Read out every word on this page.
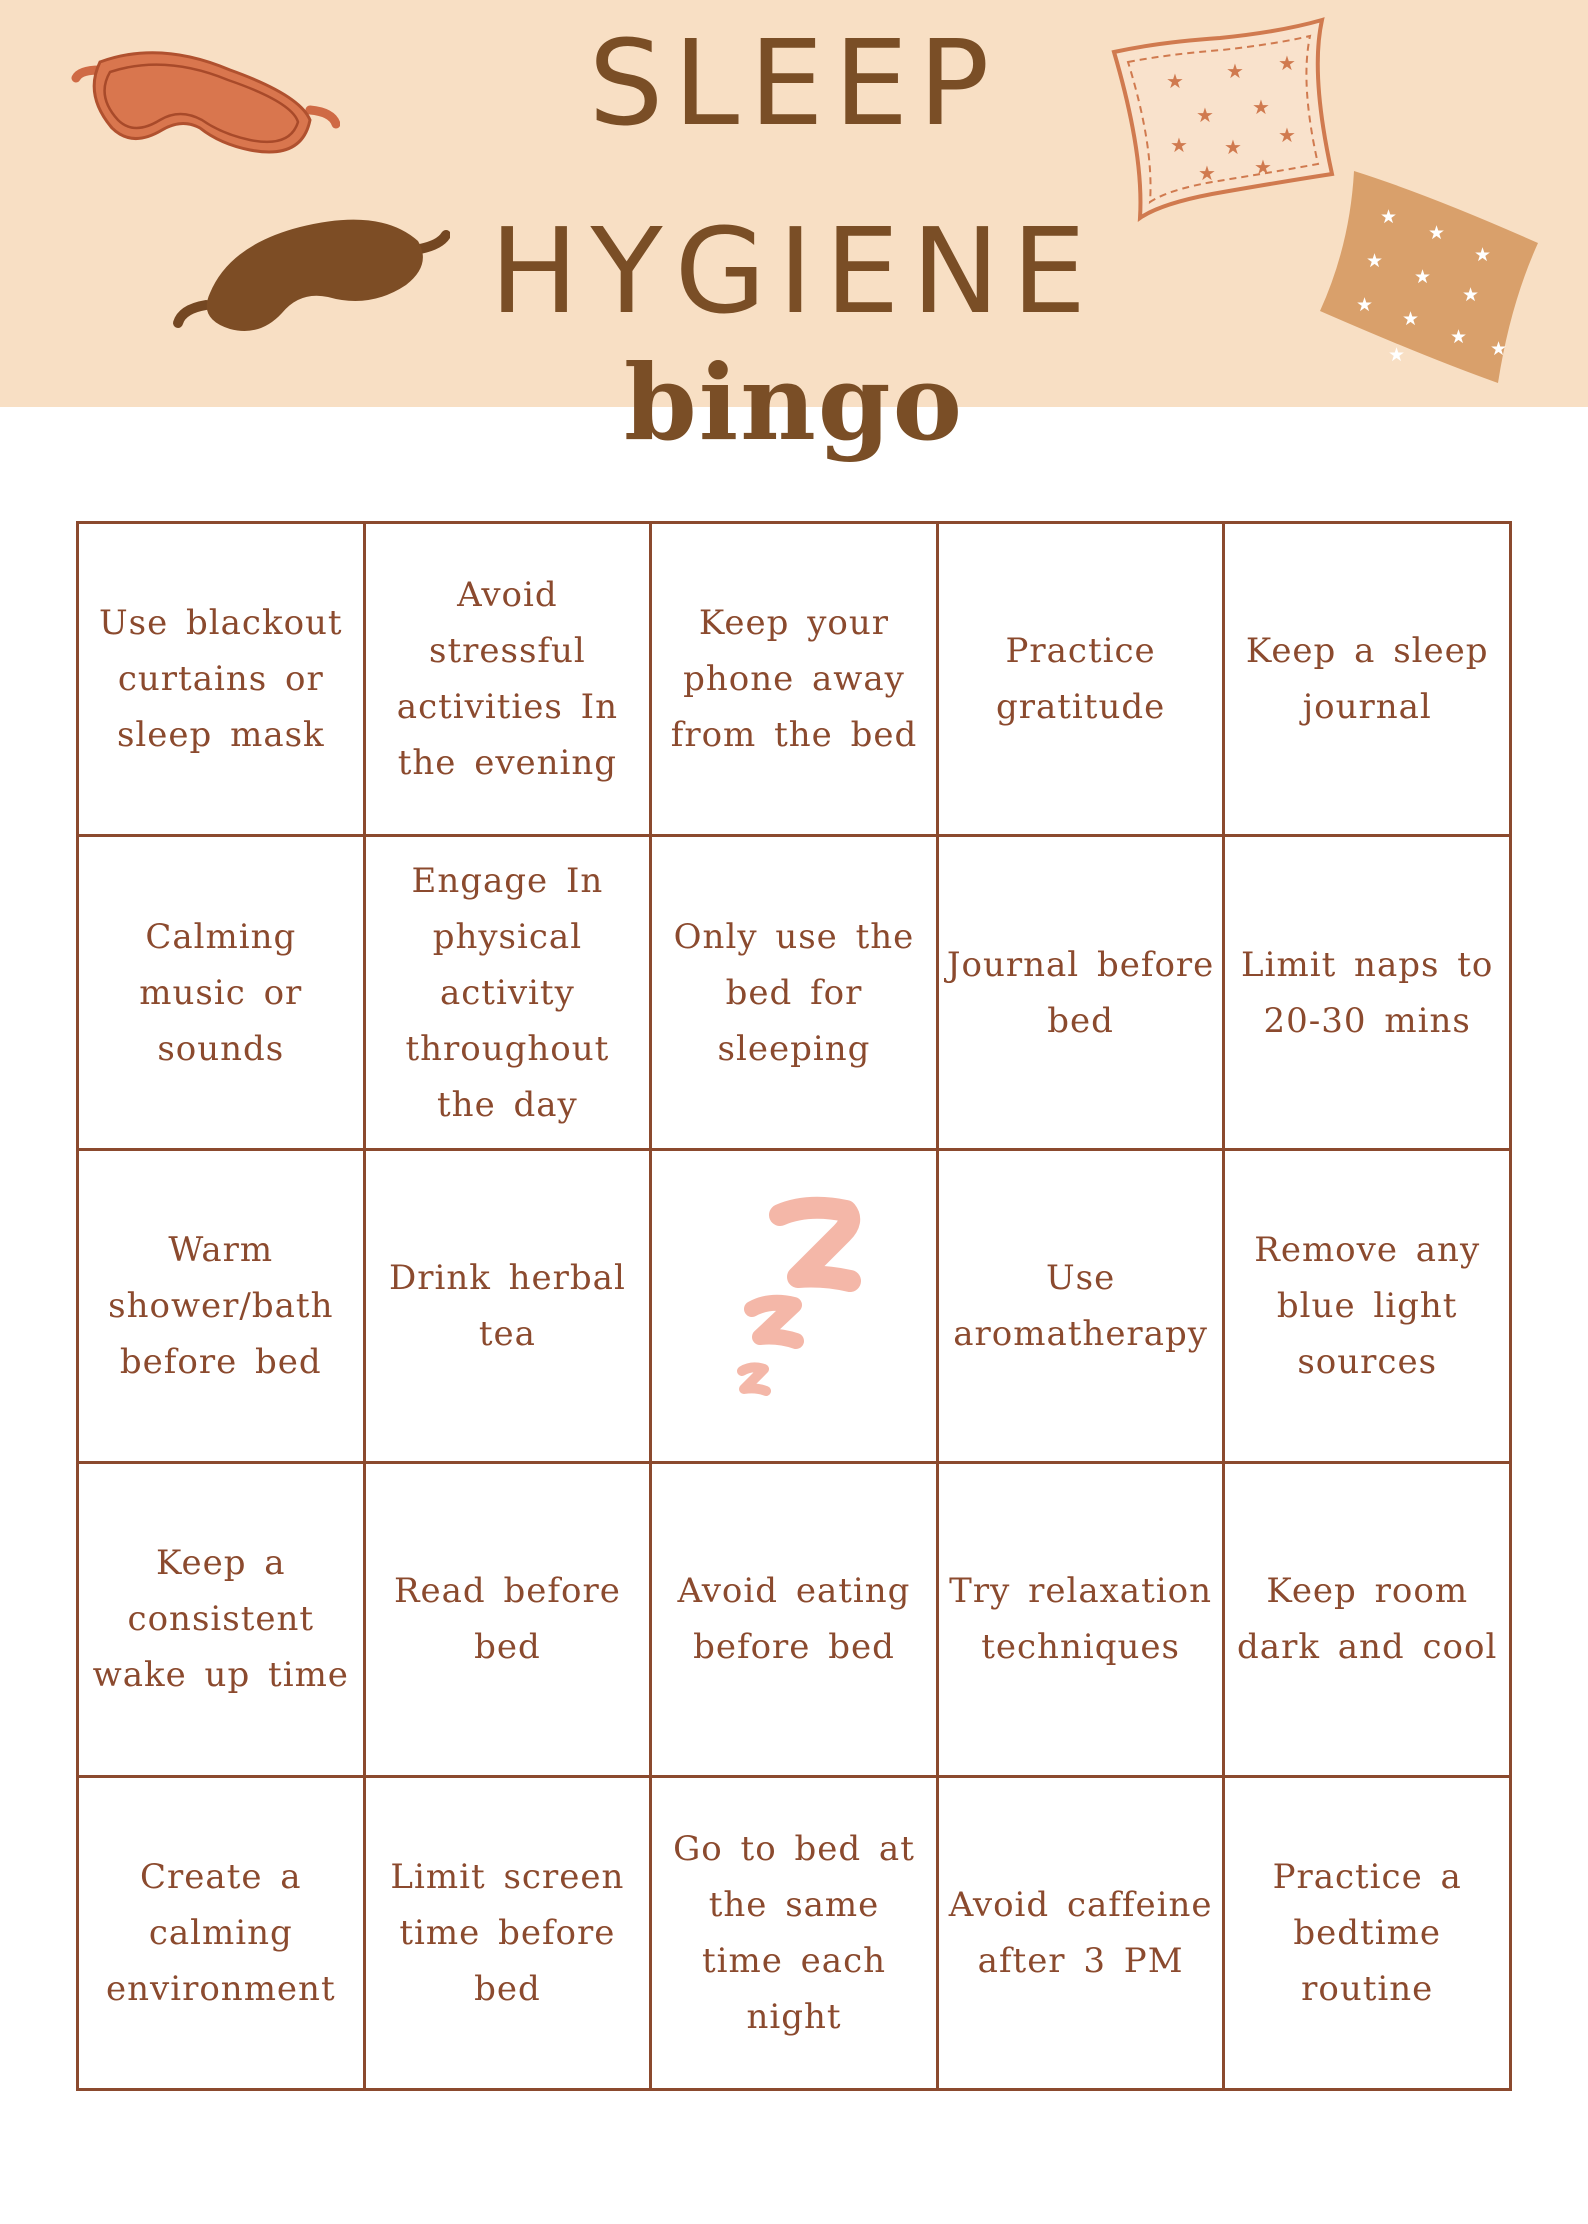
★ ★ ★
★ ★
★ ★ ★
★ ★
★
★
★
★
★
★
★
★
★
★
★
SLEEP
HYGIENE
bingo
Use blackout curtains or sleep mask
Avoid stressful activities In the evening
Keep your phone away from the bed
Practice gratitude
Keep a sleep journal
Calming music or sounds
Engage In physical activity throughout the day
Only use the bed for sleeping
Journal before bed
Limit naps to 20-30 mins
Warm shower/bath before bed
Drink herbal tea
Use aromatherapy
Remove any blue light sources
Keep a consistent wake up time
Read before bed
Avoid eating before bed
Try relaxation techniques
Keep room dark and cool
Create a calming environment
Limit screen time before bed
Go to bed at the same time each night
Avoid caffeine after 3 PM
Practice a bedtime routine
